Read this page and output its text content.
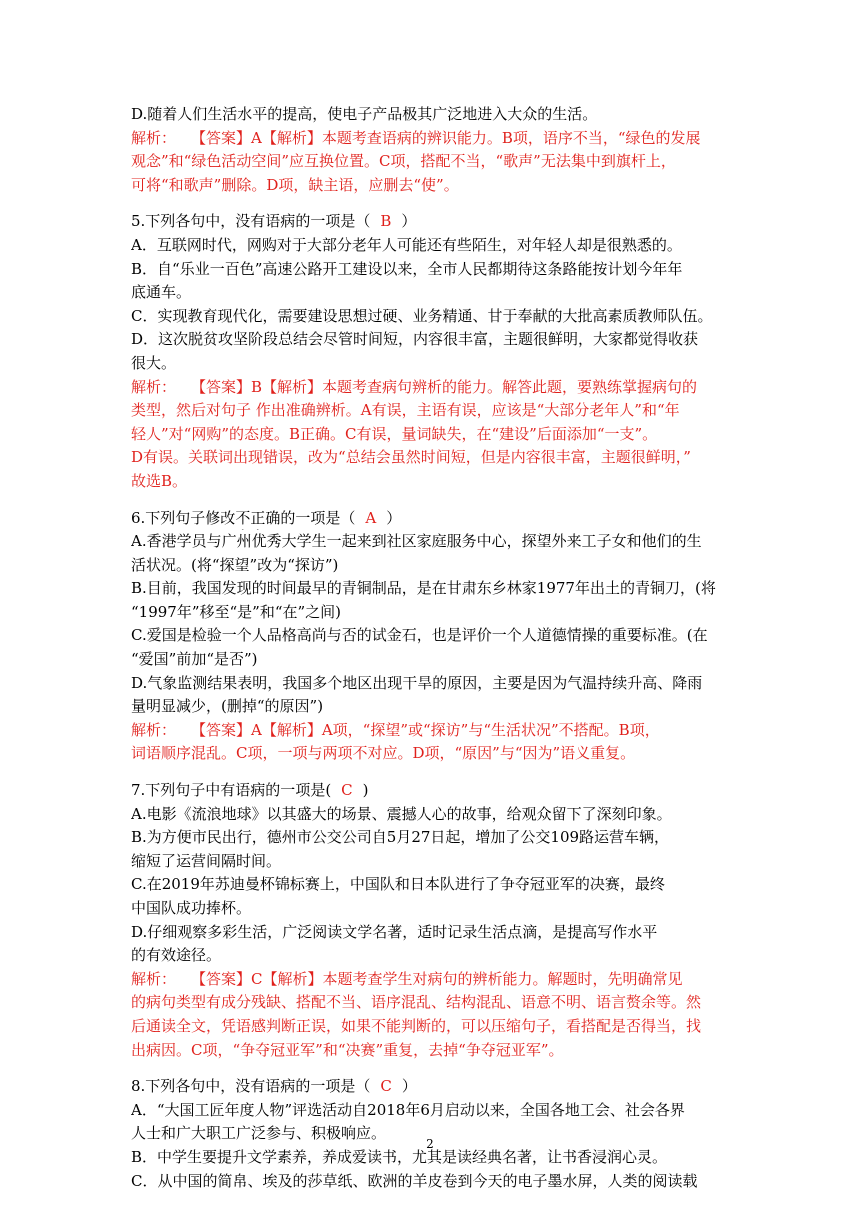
D.随着人们生活水平的提高，使电子产品极其广泛地进入大众的生活。
解析：　　【答案】A【解析】本题考查语病的辨识能力。B项，语序不当，“绿色的发展
观念”和“绿色活动空间”应互换位置。C项，搭配不当，“歌声”无法集中到旗杆上，
可将“和歌声”删除。D项，缺主语，应删去“使”。
5.下列各句中，没有语病的一项是（ B ）
A．互联网时代，网购对于大部分老年人可能还有些陌生，对年轻人却是很熟悉的。
B．自“乐业一百色”高速公路开工建设以来，全市人民都期待这条路能按计划今年年
底通车。
C．实现教育现代化，需要建设思想过硬、业务精通、甘于奉献的大批高素质教师队伍。
D．这次脱贫攻坚阶段总结会尽管时间短，内容很丰富，主题很鲜明，大家都觉得收获
很大。
解析：　　【答案】B【解析】本题考查病句辨析的能力。解答此题，要熟练掌握病句的
类型，然后对句子 作出准确辨析。A有误，主语有误，应该是“大部分老年人”和“年
轻人”对“网购”的态度。B正确。C有误，量词缺失，在“建设”后面添加“一支”。
D有误。关联词出现错误，改为“总结会虽然时间短，但是内容很丰富，主题很鲜明，”
故选B。
6.下列句子修改不正确的一项是（ A ）
A.香港学员与广州优秀大学生一起来到社区家庭服务中心，探望外来工子女和他们的生
活状况。(将“探望”改为“探访”)
B.目前，我国发现的时间最早的青铜制品，是在甘肃东乡林家1977年出土的青铜刀，(将
“1997年”移至“是”和“在”之间)
C.爱国是检验一个人品格高尚与否的试金石，也是评价一个人道德情操的重要标准。(在
“爱国”前加“是否”)
D.气象监测结果表明，我国多个地区出现干旱的原因，主要是因为气温持续升高、降雨
量明显减少，(删掉“的原因”)
解析：　　【答案】A【解析】A项，“探望”或“探访”与“生活状况”不搭配。B项，
词语顺序混乱。C项，一项与两项不对应。D项，“原因”与“因为”语义重复。
7.下列句子中有语病的一项是( C )
A.电影《流浪地球》以其盛大的场景、震撼人心的故事，给观众留下了深刻印象。
B.为方便市民出行，德州市公交公司自5月27日起，增加了公交109路运营车辆，
缩短了运营间隔时间。
C.在2019年苏迪曼杯锦标赛上，中国队和日本队进行了争夺冠亚军的决赛，最终
中国队成功捧杯。
D.仔细观察多彩生活，广泛阅读文学名著，适时记录生活点滴，是提高写作水平
的有效途径。
解析：　　【答案】C【解析】本题考查学生对病句的辨析能力。解题时，先明确常见
的病句类型有成分残缺、搭配不当、语序混乱、结构混乱、语意不明、语言赘余等。然
后通读全文，凭语感判断正误，如果不能判断的，可以压缩句子，看搭配是否得当，找
出病因。C项，“争夺冠亚军”和“决赛”重复，去掉“争夺冠亚军”。
8.下列各句中，没有语病的一项是（ C ）
A．“大国工匠年度人物”评选活动自2018年6月启动以来，全国各地工会、社会各界
人士和广大职工广泛参与、积极响应。
B．中学生要提升文学素养，养成爱读书，尤其是读经典名著，让书香浸润心灵。
C．从中国的简帛、埃及的莎草纸、欧洲的羊皮卷到今天的电子墨水屏，人类的阅读载
2
